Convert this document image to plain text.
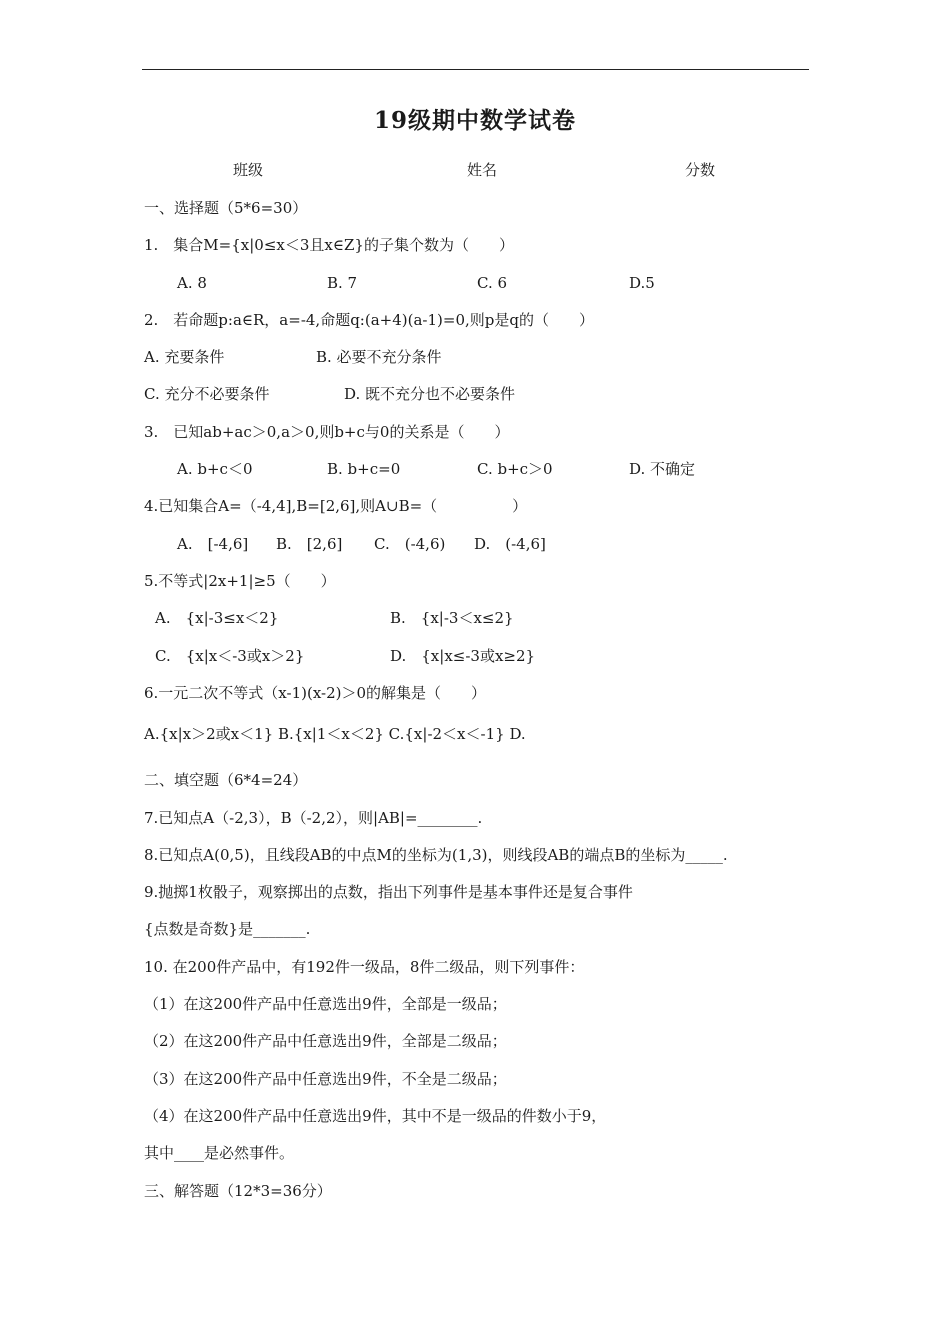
19级期中数学试卷
班级	姓名	分数
一、选择题（5*6=30）
1.　集合M={x|0≤x＜3且x∈Z}的子集个数为（　　）
A. 8	B. 7	C. 6	D.5
2.　若命题p:a∈R，a=-4,命题q:(a+4)(a-1)=0,则p是q的（　　）
A. 充要条件	B. 必要不充分条件
C. 充分不必要条件	D. 既不充分也不必要条件
3.　已知ab+ac＞0,a＞0,则b+c与0的关系是（　　）
A. b+c＜0	B. b+c=0	C. b+c＞0	D. 不确定
4.已知集合A=（-4,4],B=[2,6],则A∪B=（　　　　　）
A.　[-4,6] B.　[2,6] C.　(-4,6) D.　(-4,6]
5.不等式|2x+1|≥5（　　）
A.　{x|-3≤x＜2}	B.　{x|-3＜x≤2}
C.　{x|x＜-3或x＞2}	D.　{x|x≤-3或x≥2}
6.一元二次不等式（x-1)(x-2)＞0的解集是（　　）
A.{x|x＞2或x＜1} B.{x|1＜x＜2} C.{x|-2＜x＜-1} D.
二、填空题（6*4=24）
7.已知点A（-2,3），B（-2,2），则|AB|=________.
8.已知点A(0,5)，且线段AB的中点M的坐标为(1,3)，则线段AB的端点B的坐标为_____.
9.抛掷1枚骰子，观察掷出的点数，指出下列事件是基本事件还是复合事件
{点数是奇数}是_______.
10. 在200件产品中，有192件一级品，8件二级品，则下列事件：
（1）在这200件产品中任意选出9件，全部是一级品；
（2）在这200件产品中任意选出9件，全部是二级品；
（3）在这200件产品中任意选出9件，不全是二级品；
（4）在这200件产品中任意选出9件，其中不是一级品的件数小于9，
其中____是必然事件。
三、解答题（12*3=36分）
